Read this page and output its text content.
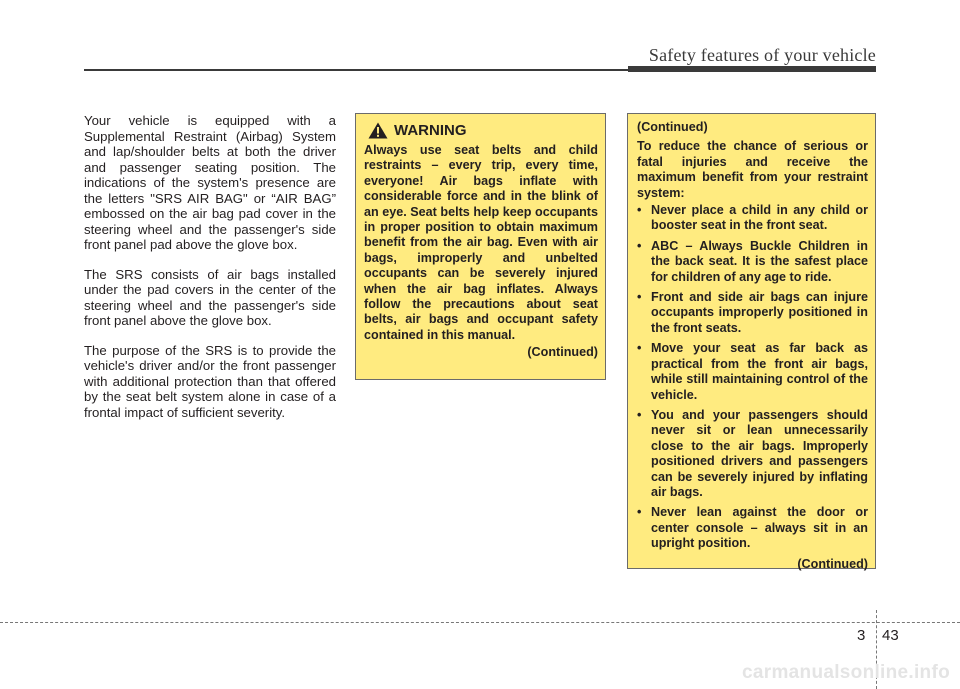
Safety features of your vehicle

Your vehicle is equipped with a Supplemental Restraint (Airbag) System and lap/shoulder belts at both the driver and passenger seating position. The indications of the system's presence are the letters "SRS AIR BAG" or “AIR BAG” embossed on the air bag pad cover in the steering wheel and the passenger's side front panel pad above the glove box.

The SRS consists of air bags installed under the pad covers in the center of the steering wheel and the passenger's side front panel above the glove box.

The purpose of the SRS is to provide the vehicle's driver and/or the front passenger with additional protection than that offered by the seat belt system alone in case of a frontal impact of sufficient severity.

WARNING
Always use seat belts and child restraints – every trip, every time, everyone! Air bags inflate with considerable force and in the blink of an eye. Seat belts help keep occupants in proper position to obtain maximum benefit from the air bag. Even with air bags, improperly and unbelted occupants can be severely injured when the air bag inflates. Always follow the precautions about seat belts, air bags and occupant safety contained in this manual.
(Continued)
(Continued)
To reduce the chance of serious or fatal injuries and receive the maximum benefit from your restraint system:
• Never place a child in any child or booster seat in the front seat.
• ABC – Always Buckle Children in the back seat. It is the safest place for children of any age to ride.
• Front and side air bags can injure occupants improperly positioned in the front seats.
• Move your seat as far back as practical from the front air bags, while still maintaining control of the vehicle.
• You and your passengers should never sit or lean unnecessarily close to the air bags. Improperly positioned drivers and passengers can be severely injured by inflating air bags.
• Never lean against the door or center console – always sit in an upright position.
(Continued)
3 43
carmanualsonline.info
